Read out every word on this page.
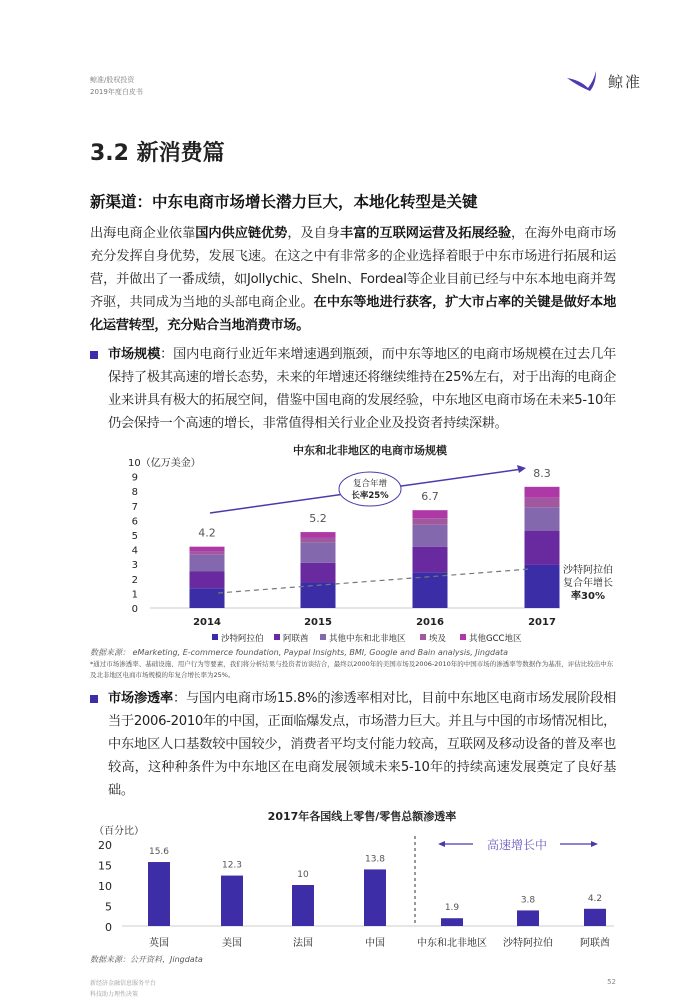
鲸准/股权投资
2019年度白皮书
鲸准
3.2 新消费篇
新渠道：中东电商市场增长潜力巨大，本地化转型是关键
出海电商企业依靠国内供应链优势，及自身丰富的互联网运营及拓展经验，在海外电商市场充分发挥自身优势，发展飞速。在这之中有非常多的企业选择着眼于中东市场进行拓展和运营，并做出了一番成绩，如Jollychic、SheIn、Fordeal等企业目前已经与中东本地电商并驾齐驱，共同成为当地的头部电商企业。在中东等地进行获客，扩大市占率的关键是做好本地化运营转型，充分贴合当地消费市场。
市场规模：国内电商行业近年来增速遇到瓶颈，而中东等地区的电商市场规模在过去几年保持了极其高速的增长态势，未来的年增速还将继续维持在25%左右，对于出海的电商企业来讲具有极大的拓展空间，借鉴中国电商的发展经验，中东地区电商市场在未来5-10年仍会保持一个高速的增长，非常值得相关行业企业及投资者持续深耕。
中东和北非地区的电商市场规模
0
1
2
3
4
5
6
7
8
9
10（亿万美金）
4.2
2014
5.2
2015
6.7
2016
8.3
2017
复合年增
长率25%
沙特阿拉伯
复合年增长
率30%
沙特阿拉伯 阿联酋 其他中东和北非地区	埃及	其他GCC地区
数据来源： eMarketing, E-commerce foundation, Paypal Insights, BMI, Google and Bain analysis, Jingdata
*通过市场渗透率、基础设施、用户行为等要素，我们将分析结果与投资者访谈结合，最终以2000年的美国市场及2006-2010年的中国市场的渗透率等数据作为基准，评估比较出中东及北非地区电商市场规模的年复合增长率为25%。
市场渗透率：与国内电商市场15.8%的渗透率相对比，目前中东地区电商市场发展阶段相当于2006-2010年的中国，正面临爆发点，市场潜力巨大。并且与中国的市场情况相比，中东地区人口基数较中国较少，消费者平均支付能力较高，互联网及移动设备的普及率也较高，这种种条件为中东地区在电商发展领域未来5-10年的持续高速发展奠定了良好基础。
2017年各国线上零售/零售总额渗透率
（百分比）
0
5
10
15
20
15.6
英国
12.3
美国
10
法国
13.8
中国
1.9
中东和北非地区
3.8
沙特阿拉伯
4.2
阿联酋
高速增长中
数据来源：公开资料，Jingdata
新经济金融信息服务平台
科技助力理性决策
52
